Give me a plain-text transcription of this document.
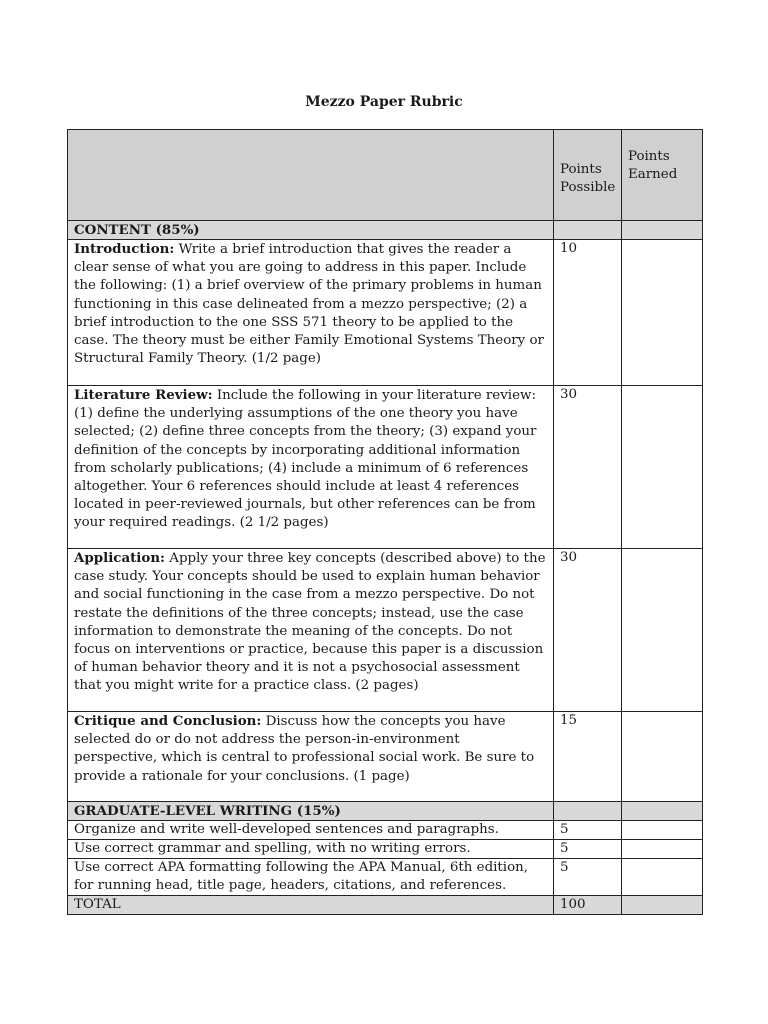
Mezzo Paper Rubric
	Points Possible	Points Earned
CONTENT (85%)		
Introduction: Write a brief introduction that gives the reader a clear sense of what you are going to address in this paper. Include the following: (1) a brief overview of the primary problems in human functioning in this case delineated from a mezzo perspective; (2) a brief introduction to the one SSS 571 theory to be applied to the case. The theory must be either Family Emotional Systems Theory or Structural Family Theory. (1/2 page)	10	
Literature Review: Include the following in your literature review: (1) define the underlying assumptions of the one theory you have selected; (2) define three concepts from the theory; (3) expand your definition of the concepts by incorporating additional information from scholarly publications; (4) include a minimum of 6 references altogether. Your 6 references should include at least 4 references located in peer-reviewed journals, but other references can be from your required readings. (2 1/2 pages)	30	
Application: Apply your three key concepts (described above) to the case study. Your concepts should be used to explain human behavior and social functioning in the case from a mezzo perspective. Do not restate the definitions of the three concepts; instead, use the case information to demonstrate the meaning of the concepts. Do not focus on interventions or practice, because this paper is a discussion of human behavior theory and it is not a psychosocial assessment that you might write for a practice class. (2 pages)	30	
Critique and Conclusion: Discuss how the concepts you have selected do or do not address the person-in-environment perspective, which is central to professional social work. Be sure to provide a rationale for your conclusions. (1 page)	15	
GRADUATE-LEVEL WRITING (15%)		
Organize and write well-developed sentences and paragraphs.	5	
Use correct grammar and spelling, with no writing errors.	5	
Use correct APA formatting following the APA Manual, 6th edition, for running head, title page, headers, citations, and references.	5	
TOTAL	100	
